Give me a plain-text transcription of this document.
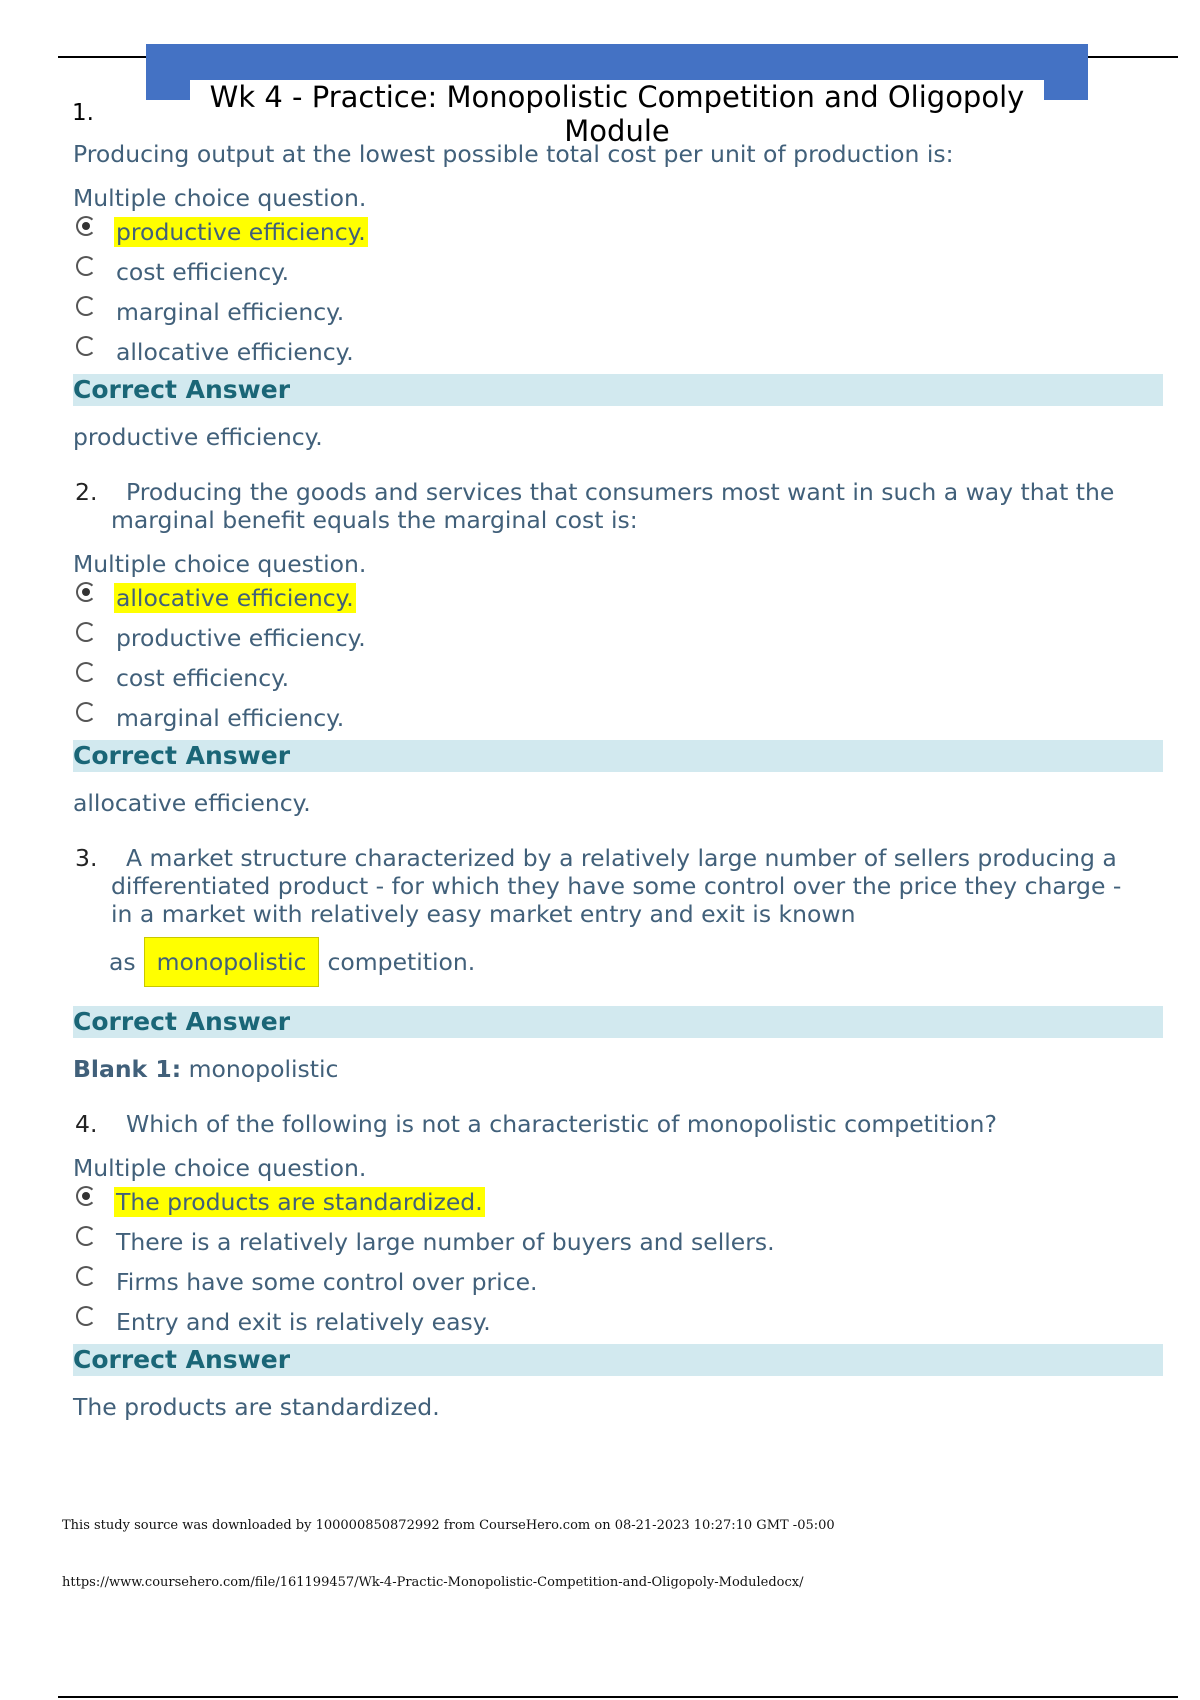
Wk 4 - Practice: Monopolistic Competition and Oligopoly
Module
1.
Producing output at the lowest possible total cost per unit of production is:
Multiple choice question.
productive efficiency.
cost efficiency.
marginal efficiency.
allocative efficiency.
Correct Answer
productive efficiency.
2.	Producing the goods and services that consumers most want in such a way that the
marginal benefit equals the marginal cost is:
Multiple choice question.
allocative efficiency.
productive efficiency.
cost efficiency.
marginal efficiency.
Correct Answer
allocative efficiency.
3.	A market structure characterized by a relatively large number of sellers producing a
differentiated product - for which they have some control over the price they charge -
in a market with relatively easy market entry and exit is known
as monopolistic competition.
Correct Answer
Blank 1: monopolistic
4.	Which of the following is not a characteristic of monopolistic competition?
Multiple choice question.
The products are standardized.
There is a relatively large number of buyers and sellers.
Firms have some control over price.
Entry and exit is relatively easy.
Correct Answer
The products are standardized.
This study source was downloaded by 100000850872992 from CourseHero.com on 08-21-2023 10:27:10 GMT -05:00
https://www.coursehero.com/file/161199457/Wk-4-Practic-Monopolistic-Competition-and-Oligopoly-Moduledocx/
